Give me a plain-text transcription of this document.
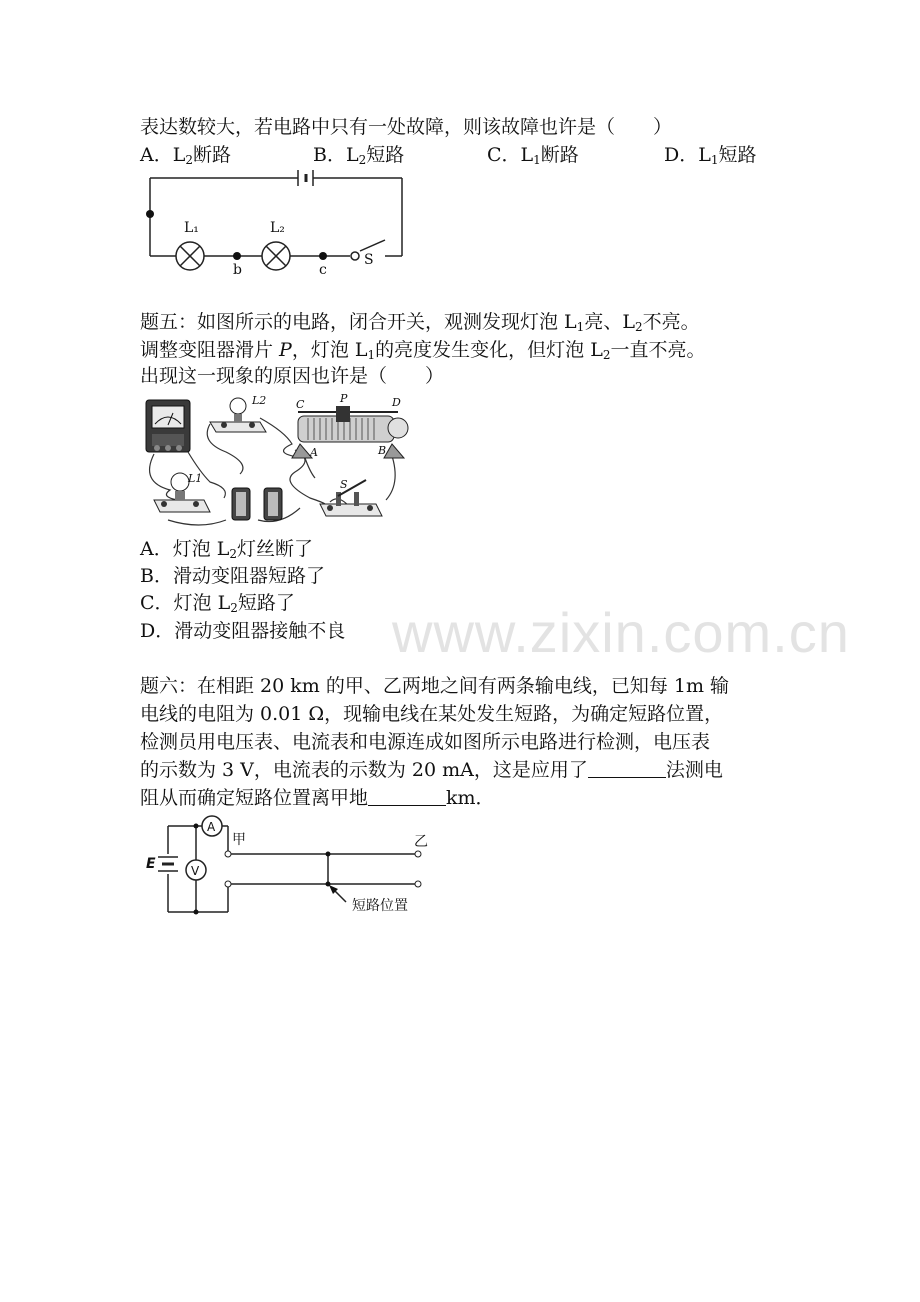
表达数较大，若电路中只有一处故障，则该故障也许是（　　）
A．$L_2$断路	B．$L_2$短路	C．$L_1$断路	D．$L_1$短路
L₁	L₂
b	c
S
题五：如图所示的电路，闭合开关，观测发现灯泡 $L_1$亮、$L_2$不亮。
调整变阻器滑片 P，灯泡 $L_1$的亮度发生变化，但灯泡 $L_2$一直不亮。
出现这一现象的原因也许是（　　）
L2
L1
C	P	D
A	B
S
A．灯泡 $L_2$灯丝断了
B．滑动变阻器短路了
C．灯泡 $L_2$短路了
D．滑动变阻器接触不良 www.zixin.com.cn
题六：在相距 20 km 的甲、乙两地之间有两条输电线，已知每 1m 输
电线的电阻为 0.01 Ω，现输电线在某处发生短路，为确定短路位置，
检测员用电压表、电流表和电源连成如图所示电路进行检测，电压表
的示数为 3 V，电流表的示数为 20 mA，这是应用了	法测电
阻从而确定短路位置离甲地	km．
E
A
V
甲	乙
短路位置
